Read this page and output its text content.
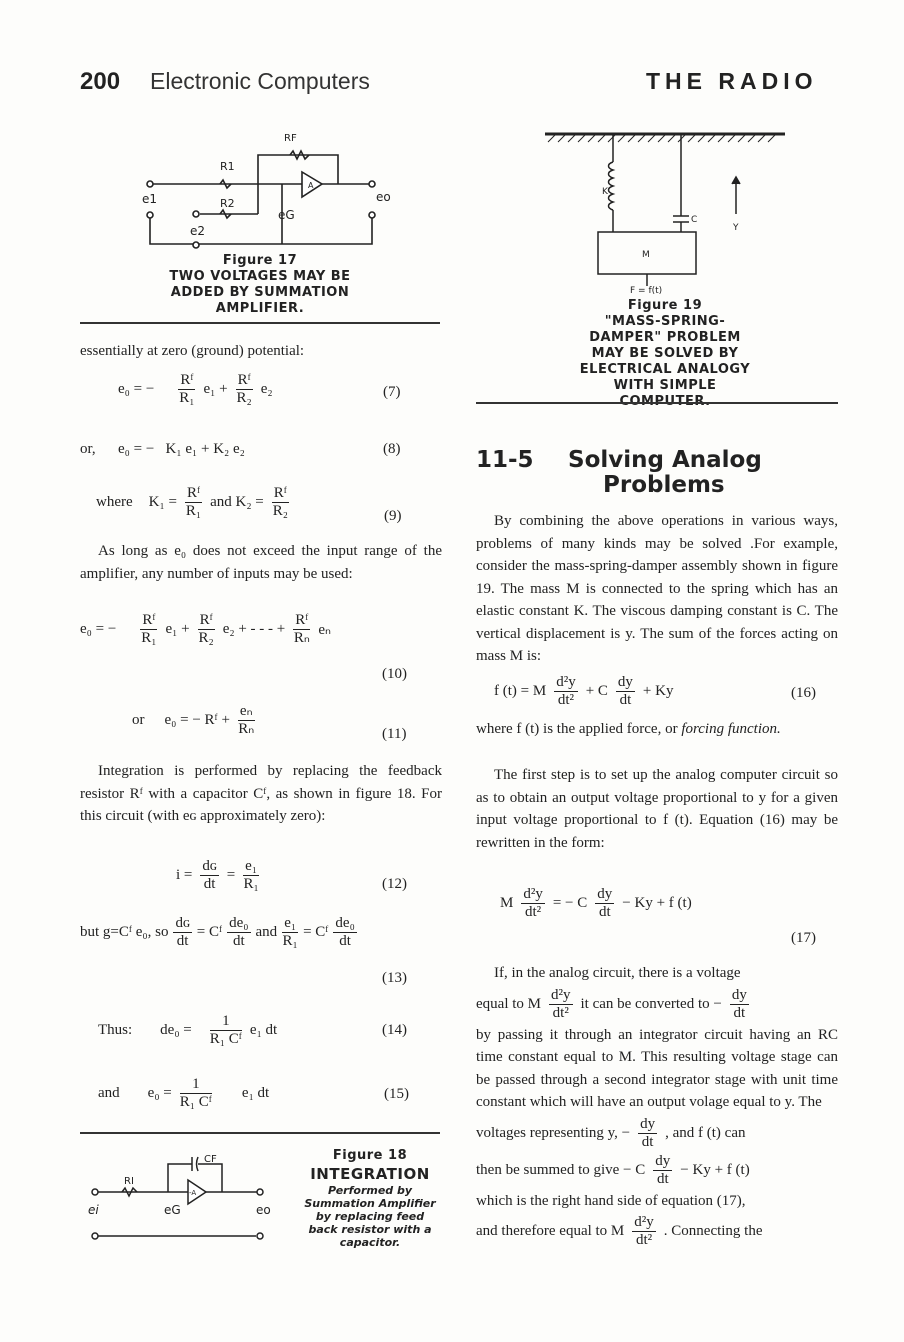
200 Electronic Computers	THE RADIO
RF
R1
R2
e1
e2
eG
eo
A
Figure 17
TWO VOLTAGES MAY BE
ADDED BY SUMMATION
AMPLIFIER.
essentially at zero (ground) potential:
e₀ = − $\frac{\text{Rᶠ}}{\text{R₁}} e_1 + \frac{\text{Rᶠ}}{\text{R₂}} e_2$	(7)
or, e₀ = −   K₁ e₁ + K₂ e₂	(8)
where $K_1 = \frac{\text{Rᶠ}}{\text{R₁}}$ and $K_2 = \frac{\text{Rᶠ}}{\text{R₂}}$	(9)
As long as e₀ does not exceed the input range of the amplifier, any number of inputs may be used:
e₀ = − $\frac{\text{Rᶠ}}{\text{R₁}} e_1 + \frac{\text{Rᶠ}}{\text{R₂}} e_2$ + - - - + $\frac{\text{Rᶠ}}{\text{Rₙ}}$ eₙ
(10)
or e₀ = − Rᶠ + $\frac{\text{eₙ}}{\text{Rₙ}}$	(11)
Integration is performed by replacing the feedback resistor Rᶠ with a capacitor Cᶠ, as shown in figure 18. For this circuit (with eɢ approximately zero):
$i = \frac{\text{dɢ}}{dt} = \frac{\text{e₁}}{\text{R₁}}$	(12)
but g=Cᶠ e₀, so $\frac{\text{dɢ}}{dt}$ = Cᶠ $\frac{\text{de₀}}{dt}$ and $\frac{\text{e₁}}{\text{R₁}}$ = Cᶠ $\frac{\text{de₀}}{dt}$
(13)
Thus: $de_0 = \frac{1}{\text{R₁ Cᶠ}} e_1$ dt	(14)
and $e_0 = \frac{1}{\text{R₁ Cᶠ}} e_1$ dt	(15)
CF
RI
ei	eG	eo
-A
Figure 18
INTEGRATION
Performed by
Summation Amplifier
by replacing feed
back resistor with a
capacitor.
K
C
Y
M
F = f(t)
Figure 19
"MASS-SPRING-
DAMPER" PROBLEM
MAY BE SOLVED BY
ELECTRICAL ANALOGY
WITH SIMPLE
11-5 Solving Analog
Problems
By combining the above operations in various ways, problems of many kinds may be solved .For example, consider the mass-spring-damper assembly shown in figure 19. The mass M is connected to the spring which has an elastic constant K. The viscous damping constant is C. The vertical displacement is y. The sum of the forces acting on mass M is:
f (t) = M $\frac{\text{d²y}}{\text{dt²}} + C \frac{dy}{dt} + Ky$	(16)
where f (t) is the applied force, or forcing function.
The first step is to set up the analog computer circuit so as to obtain an output voltage proportional to y for a given input voltage proportional to f (t). Equation (16) may be rewritten in the form:
M $\frac{\text{d²y}}{\text{dt²}}$ = − C $\frac{dy}{dt} - Ky + f$ (t)
(17)
If, in the analog circuit, there is a voltage
equal to M $\frac{\text{d²y}}{\text{dt²}}$ it can be converted to − $\frac{dy}{dt}$
by passing it through an integrator circuit having an RC time constant equal to M. This resulting voltage stage can be passed through a second integrator stage with unit time constant which will have an output volage equal to y. The
voltages representing y, − $\frac{dy}{dt}$ , and f (t) can
then be summed to give − C $\frac{dy}{dt} - Ky + f$ (t)
which is the right hand side of equation (17),
and therefore equal to M $\frac{\text{d²y}}{\text{dt²}}$ . Connecting the
